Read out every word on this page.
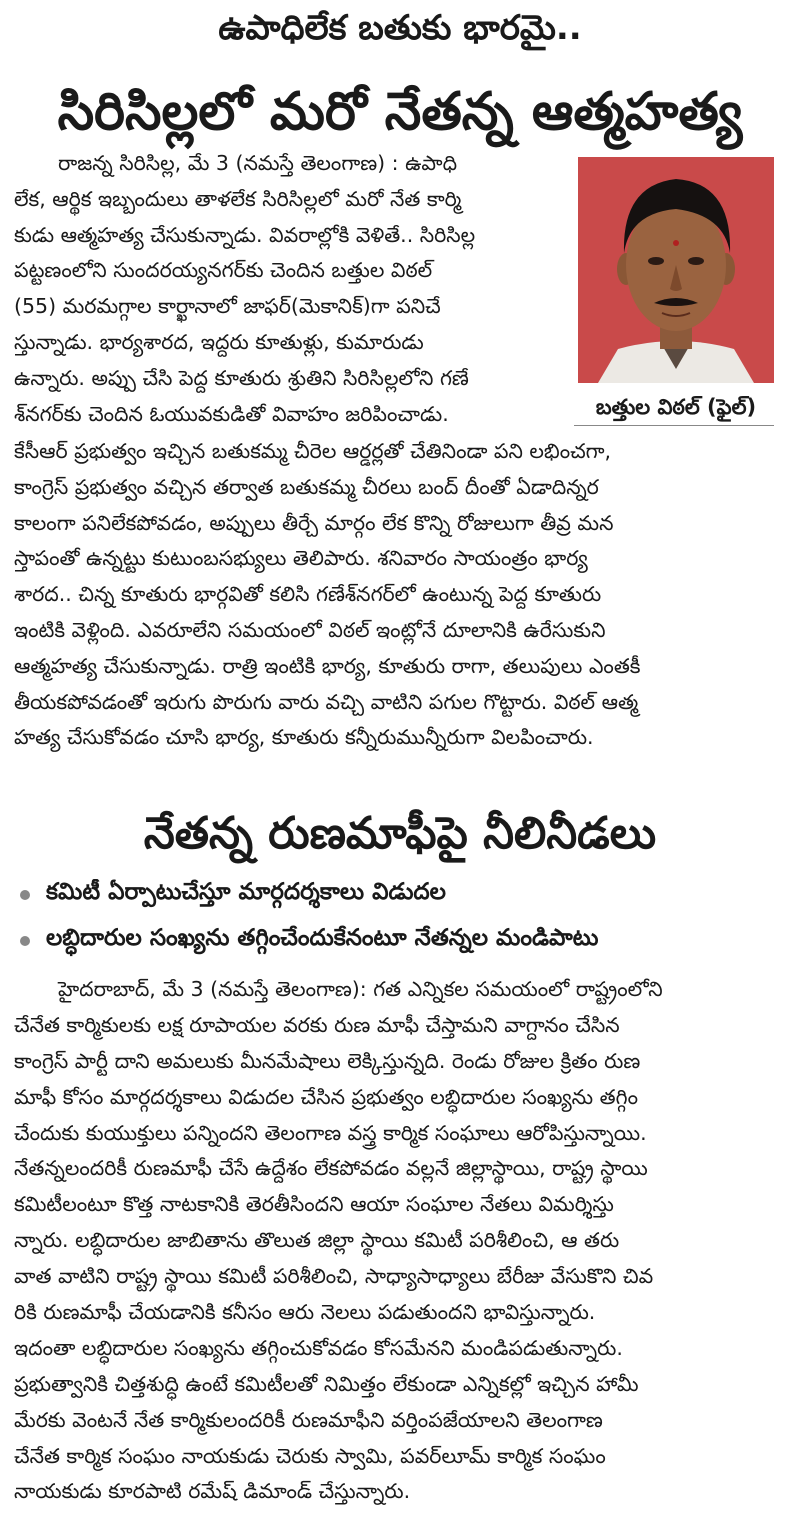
ఉపాధిలేక బతుకు భారమై..
సిరిసిల్లలో మరో నేతన్న ఆత్మహత్య
రాజన్న సిరిసిల్ల, మే 3 (నమస్తే తెలంగాణ) : ఉపాధి
లేక, ఆర్థిక ఇబ్బందులు తాళలేక సిరిసిల్లలో మరో నేత కార్మి
కుడు ఆత్మహత్య చేసుకున్నాడు. వివరాల్లోకి వెళితే.. సిరిసిల్ల
పట్టణంలోని సుందరయ్యనగర్‌కు చెందిన బత్తుల విఠల్
(55) మరమగ్గాల కార్ఖానాలో జాఫర్(మెకానిక్)గా పనిచే
స్తున్నాడు. భార్యశారద, ఇద్దరు కూతుళ్లు, కుమారుడు
ఉన్నారు. అప్పు చేసి పెద్ద కూతురు శ్రుతిని సిరిసిల్లలోని గణే
శ్‌నగర్‌కు చెందిన ఓయువకుడితో వివాహం జరిపించాడు.	బత్తుల విఠల్ (ఫైల్)
కేసీఆర్ ప్రభుత్వం ఇచ్చిన బతుకమ్మ చీరెల ఆర్డర్లతో చేతినిండా పని లభించగా,
కాంగ్రెస్ ప్రభుత్వం వచ్చిన తర్వాత బతుకమ్మ చీరలు బంద్ దీంతో ఏడాదిన్నర
కాలంగా పనిలేకపోవడం, అప్పులు తీర్చే మార్గం లేక కొన్ని రోజులుగా తీవ్ర మన
స్తాపంతో ఉన్నట్టు కుటుంబసభ్యులు తెలిపారు. శనివారం సాయంత్రం భార్య
శారద.. చిన్న కూతురు భార్గవితో కలిసి గణేశ్‌నగర్‌లో ఉంటున్న పెద్ద కూతురు
ఇంటికి వెళ్లింది. ఎవరూలేని సమయంలో విఠల్ ఇంట్లోనే దూలానికి ఉరేసుకుని
ఆత్మహత్య చేసుకున్నాడు. రాత్రి ఇంటికి భార్య, కూతురు రాగా, తలుపులు ఎంతకీ
తీయకపోవడంతో ఇరుగు పొరుగు వారు వచ్చి వాటిని పగుల గొట్టారు. విఠల్ ఆత్మ
హత్య చేసుకోవడం చూసి భార్య, కూతురు కన్నీరుమున్నీరుగా విలపించారు.
నేతన్న రుణమాఫీపై నీలినీడలు
కమిటీ ఏర్పాటుచేస్తూ మార్గదర్శకాలు విడుదల
లబ్ధిదారుల సంఖ్యను తగ్గించేందుకేనంటూ నేతన్నల మండిపాటు
హైదరాబాద్, మే 3 (నమస్తే తెలంగాణ): గత ఎన్నికల సమయంలో రాష్ట్రంలోని
చేనేత కార్మికులకు లక్ష రూపాయల వరకు రుణ మాఫీ చేస్తామని వాగ్దానం చేసిన
కాంగ్రెస్ పార్టీ దాని అమలుకు మీనమేషాలు లెక్కిస్తున్నది. రెండు రోజుల క్రితం రుణ
మాఫీ కోసం మార్గదర్శకాలు విడుదల చేసిన ప్రభుత్వం లబ్ధిదారుల సంఖ్యను తగ్గిం
చేందుకు కుయుక్తులు పన్నిందని తెలంగాణ వస్త్ర కార్మిక సంఘాలు ఆరోపిస్తున్నాయి.
నేతన్నలందరికీ రుణమాఫీ చేసే ఉద్దేశం లేకపోవడం వల్లనే జిల్లాస్థాయి, రాష్ట్ర స్థాయి
కమిటీలంటూ కొత్త నాటకానికి తెరతీసిందని ఆయా సంఘాల నేతలు విమర్శిస్తు
న్నారు. లబ్ధిదారుల జాబితాను తొలుత జిల్లా స్థాయి కమిటీ పరిశీలించి, ఆ తరు
వాత వాటిని రాష్ట్ర స్థాయి కమిటీ పరిశీలించి, సాధ్యాసాధ్యాలు బేరీజు వేసుకొని చివ
రికి రుణమాఫీ చేయడానికి కనీసం ఆరు నెలలు పడుతుందని భావిస్తున్నారు.
ఇదంతా లబ్ధిదారుల సంఖ్యను తగ్గించుకోవడం కోసమేనని మండిపడుతున్నారు.
ప్రభుత్వానికి చిత్తశుద్ధి ఉంటే కమిటీలతో నిమిత్తం లేకుండా ఎన్నికల్లో ఇచ్చిన హామీ
మేరకు వెంటనే నేత కార్మికులందరికీ రుణమాఫీని వర్తింపజేయాలని తెలంగాణ
చేనేత కార్మిక సంఘం నాయకుడు చెరుకు స్వామి, పవర్‌లూమ్ కార్మిక సంఘం
నాయకుడు కూరపాటి రమేష్ డిమాండ్ చేస్తున్నారు.
